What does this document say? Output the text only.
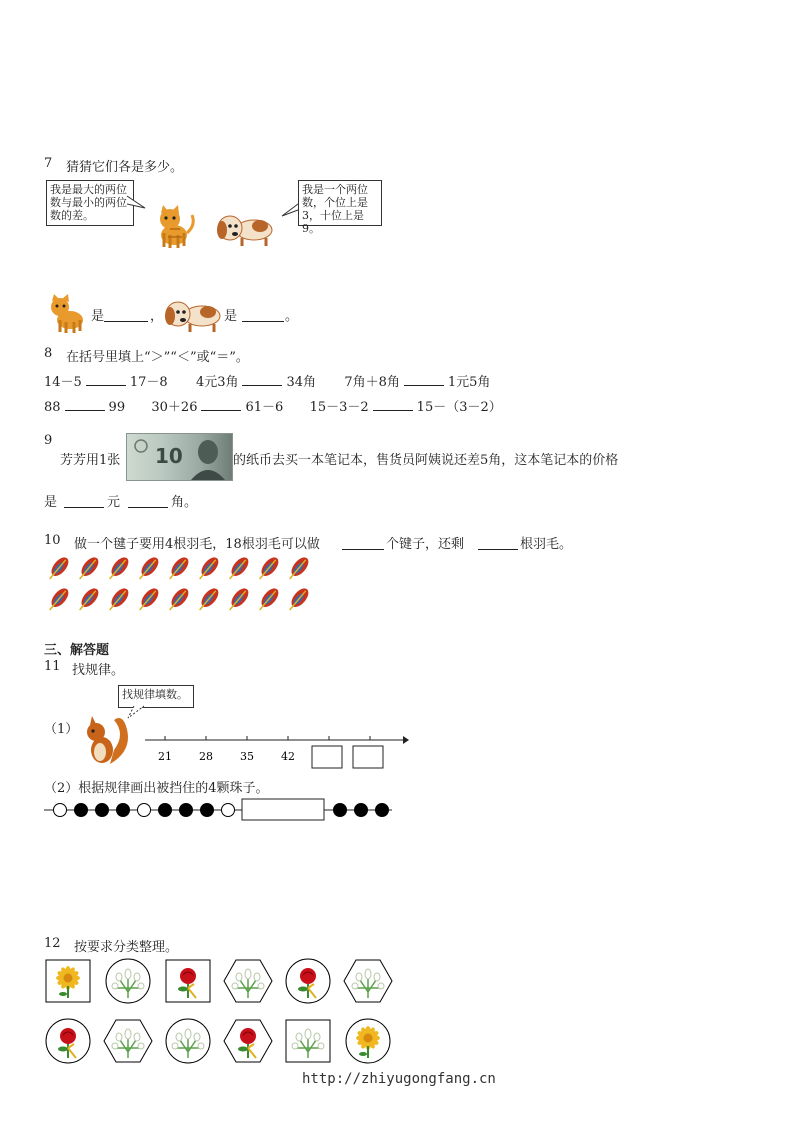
7 猜猜它们各是多少。
我是最大的两位数与最小的两位数的差。
我是一个两位数，个位上是3，十位上是9。
是	，	是	。
8 在括号里填上“＞”“＜”或“＝”。
14－5	17－8 4元3角	34角 7角＋8角	1元5角
88	99 30＋26	61－6 15－3－2	15－（3－2）
9
芳芳用1张 10	的纸币去买一本笔记本，售货员阿姨说还差5角，这本笔记本的价格
是	元	角。
10 做一个毽子要用4根羽毛，18根羽毛可以做	个键子，还剩	根羽毛。
三、解答题
11 找规律。
找规律填数。
（1）
21 28 35 42
（2）根据规律画出被挡住的4颗珠子。
12 按要求分类整理。
http://zhiyugongfang.cn
